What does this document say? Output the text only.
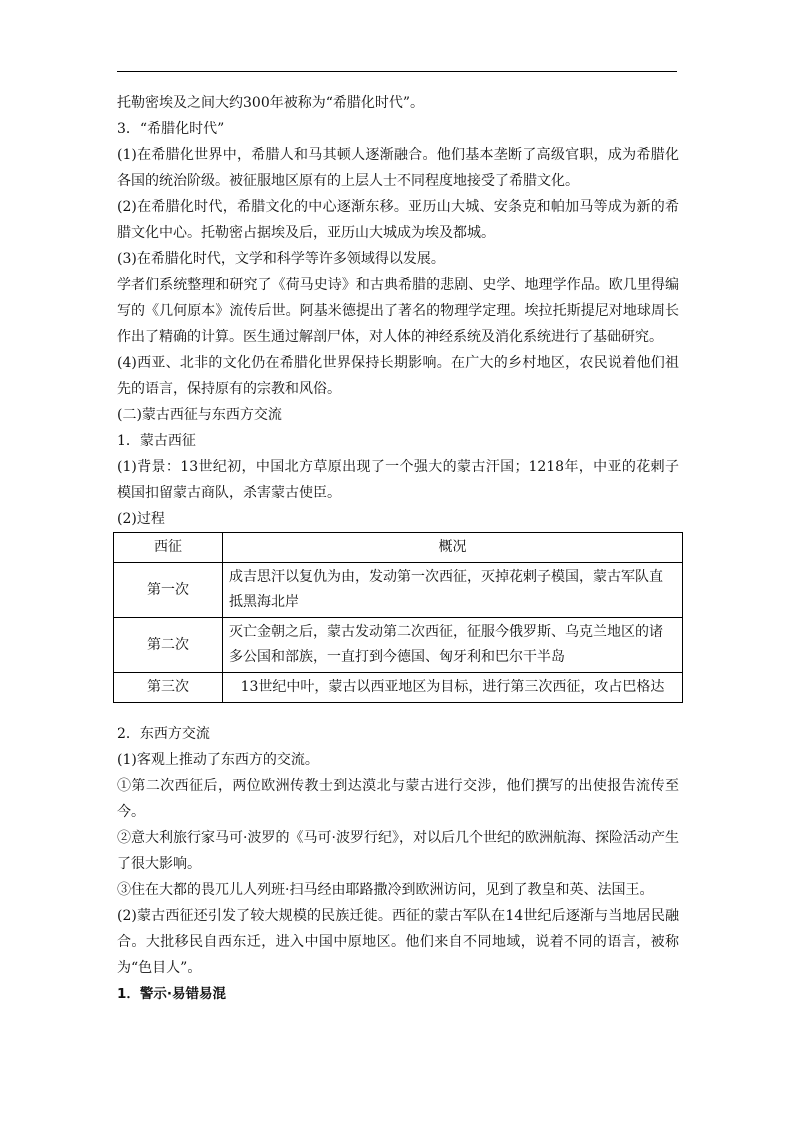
托勒密埃及之间大约300年被称为“希腊化时代”。

3．“希腊化时代”

(1)在希腊化世界中，希腊人和马其顿人逐渐融合。他们基本垄断了高级官职，成为希腊化各国的统治阶级。被征服地区原有的上层人士不同程度地接受了希腊文化。

(2)在希腊化时代，希腊文化的中心逐渐东移。亚历山大城、安条克和帕加马等成为新的希腊文化中心。托勒密占据埃及后，亚历山大城成为埃及都城。

(3)在希腊化时代，文学和科学等许多领域得以发展。

学者们系统整理和研究了《荷马史诗》和古典希腊的悲剧、史学、地理学作品。欧几里得编写的《几何原本》流传后世。阿基米德提出了著名的物理学定理。埃拉托斯提尼对地球周长作出了精确的计算。医生通过解剖尸体，对人体的神经系统及消化系统进行了基础研究。

(4)西亚、北非的文化仍在希腊化世界保持长期影响。在广大的乡村地区，农民说着他们祖先的语言，保持原有的宗教和风俗。

(二)蒙古西征与东西方交流

1．蒙古西征

(1)背景：13世纪初，中国北方草原出现了一个强大的蒙古汗国；1218年，中亚的花剌子模国扣留蒙古商队，杀害蒙古使臣。

(2)过程

西征	概况
第一次	成吉思汗以复仇为由，发动第一次西征，灭掉花剌子模国，蒙古军队直抵黑海北岸
第二次	灭亡金朝之后，蒙古发动第二次西征，征服今俄罗斯、乌克兰地区的诸多公国和部族，一直打到今德国、匈牙利和巴尔干半岛
第三次	13世纪中叶，蒙古以西亚地区为目标，进行第三次西征，攻占巴格达

2．东西方交流

(1)客观上推动了东西方的交流。

①第二次西征后，两位欧洲传教士到达漠北与蒙古进行交涉，他们撰写的出使报告流传至今。

②意大利旅行家马可·波罗的《马可·波罗行纪》，对以后几个世纪的欧洲航海、探险活动产生了很大影响。

③住在大都的畏兀儿人列班·扫马经由耶路撒冷到欧洲访问，见到了教皇和英、法国王。

(2)蒙古西征还引发了较大规模的民族迁徙。西征的蒙古军队在14世纪后逐渐与当地居民融合。大批移民自西东迁，进入中国中原地区。他们来自不同地域，说着不同的语言，被称为“色目人”。

1．警示·易错易混
